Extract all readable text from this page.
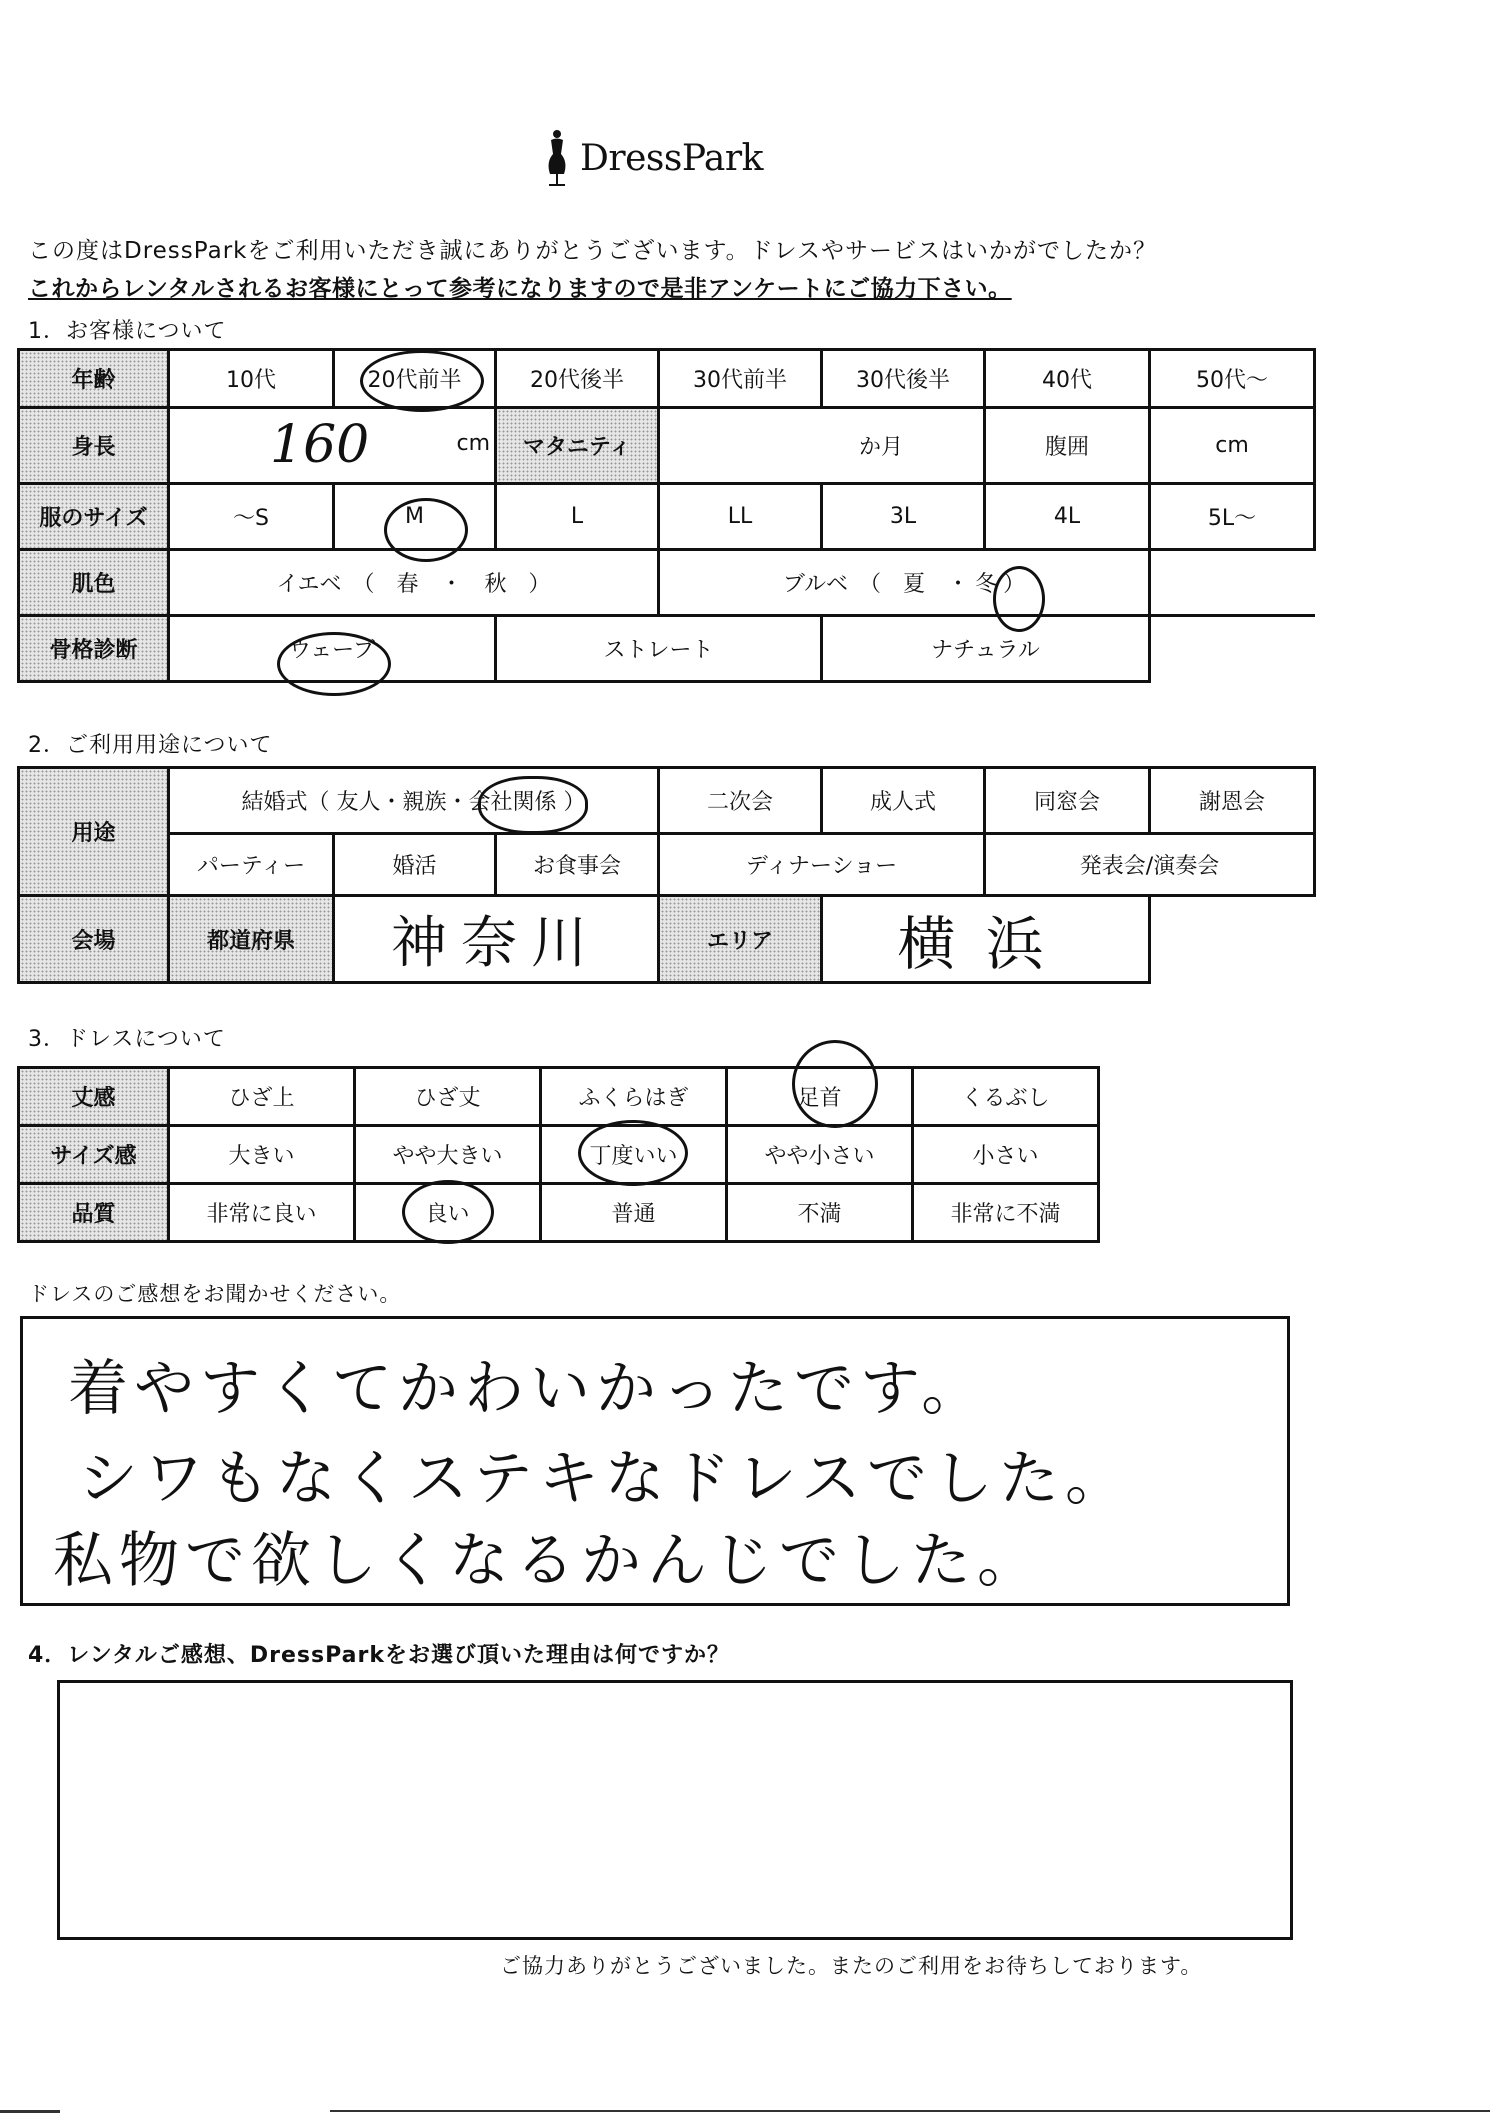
DressPark
この度はDressParkをご利用いただき誠にありがとうございます。ドレスやサービスはいかがでしたか？
これからレンタルされるお客様にとって参考になりますので是非アンケートにご協力下さい。
1．お客様について
年齢	10代	20代前半	20代後半	30代前半	30代後半	40代	50代～
身長	160 cm		マタニティ	か月		腹囲	cm
服のサイズ	～S	M	L	LL	3L	4L	5L～
肌色	イエベ　（　春　・　秋　）			ブルベ　（　夏　・ 冬 ）			
骨格診断	ウェーブ		ストレート		ナチュラル		
2．ご利用用途について
用途	結婚式（ 友人・親族・会社関係 ）			二次会	成人式	同窓会	謝恩会
	パーティー	婚活	お食事会	ディナーショー		発表会/演奏会	
会場	都道府県	神奈川		エリア	横浜		
3．ドレスについて
丈感	ひざ上	ひざ丈	ふくらはぎ	足首	くるぶし
サイズ感	大きい	やや大きい	丁度いい	やや小さい	小さい
品質	非常に良い	良い	普通	不満	非常に不満
ドレスのご感想をお聞かせください。
着やすくてかわいかったです。
シワもなくステキなドレスでした。
私物で欲しくなるかんじでした。
4．レンタルご感想、DressParkをお選び頂いた理由は何ですか？
ご協力ありがとうございました。またのご利用をお待ちしております。
